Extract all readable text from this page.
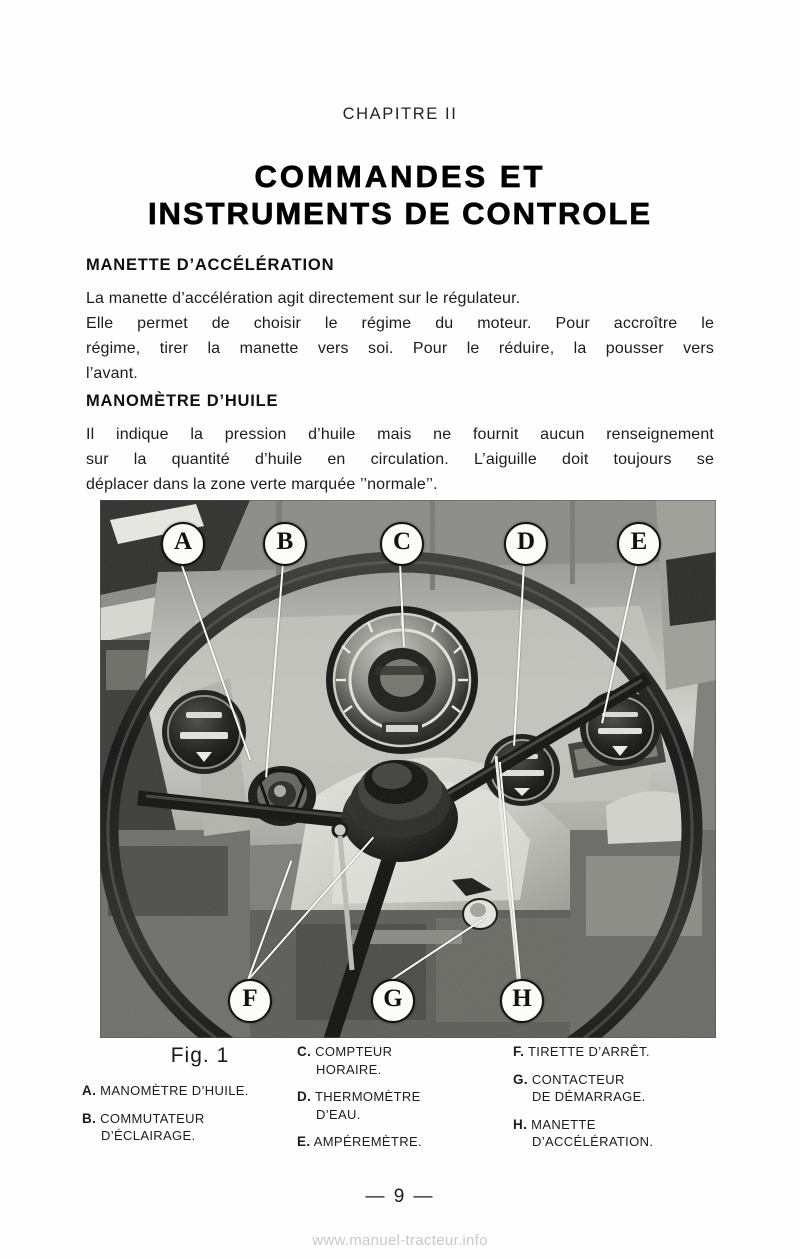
CHAPITRE II
COMMANDES ET
INSTRUMENTS DE CONTROLE
MANETTE D’ACCÉLÉRATION
La manette d’accélération agit directement sur le régulateur.
Elle permet de choisir le régime du moteur. Pour accroître le
régime, tirer la manette vers soi. Pour le réduire, la pousser vers
l’avant.
MANOMÈTRE D’HUILE
Il indique la pression d’huile mais ne fournit aucun renseignement
sur la quantité d’huile en circulation. L’aiguille doit toujours se
déplacer dans la zone verte marquée ’’normale’’.
A	B	C	D	E
F	G	H
Fig. 1
A. MANOMÈTRE D’HUILE.
B. COMMUTATEUR
D’ÉCLAIRAGE.
C. COMPTEUR
HORAIRE.
D. THERMOMÈTRE
D’EAU.
E. AMPÉREMÈTRE.
F. TIRETTE D’ARRÊT.
G. CONTACTEUR
DE DÉMARRAGE.
H. MANETTE
D’ACCÉLÉRATION.
— 9 —
www.manuel-tracteur.info
